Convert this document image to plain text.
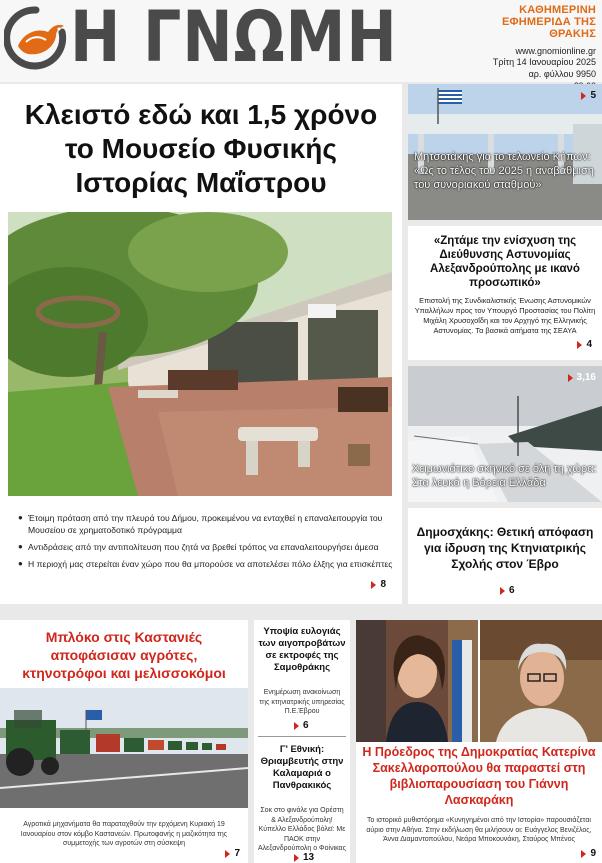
Η ΓΝΩΜΗ	ΚΑΘΗΜΕΡΙΝΗ
ΕΦΗΜΕΡΙΔΑ ΤΗΣ ΘΡΑΚΗΣ
www.gnomionline.gr
Τρίτη 14 Ιανουαρίου 2025
αρ. φύλλου 9950
Κλειστό εδώ και 1,5 χρόνο το Μουσείο Φυσικής Ιστορίας Μαΐστρου
● Έτοιμη πρόταση από την πλευρά του Δήμου, προκειμένου να ενταχθεί η επαναλειτουργία του Μουσείου σε χρηματοδοτικό πρόγραμμα
● Αντιδράσεις από την αντιπολίτευση που ζητά να βρεθεί τρόπος να επαναλειτουργήσει άμεσα
● Η περιοχή μας στερείται έναν χώρο που θα μπορούσε να αποτελέσει πόλο έλξης για επισκέπτες
8
Μητσοτάκης για το τελωνείο Κήπων: «Ως το τέλος του 2025 η αναβάθμιση του συνοριακού σταθμού»
5
«Ζητάμε την ενίσχυση της Διεύθυνσης Αστυνομίας Αλεξανδρούπολης με ικανό προσωπικό»
Επιστολή της Συνδικαλιστικής Ένωσης Αστυνομικών Υπαλλήλων προς τον Υπουργό Προστασίας του Πολίτη Μιχάλη Χρυσοχοΐδη και τον Αρχηγό της Ελληνικής Αστυνομίας. Τα βασικά αιτήματα της ΣΕΑΥΑ
4
Χειμωνιάτικο σκηνικό σε όλη τη χώρα: Στα λευκά η Βόρεια Ελλάδα
3,16
Δημοσχάκης: Θετική απόφαση για ίδρυση της Κτηνιατρικής Σχολής στον Έβρο
6
Μπλόκο στις Καστανιές αποφάσισαν αγρότες, κτηνοτρόφοι και μελισσοκόμοι
Αγροτικά μηχανήματα θα παραταχθούν την ερχόμενη Κυριακή 19 Ιανουαρίου στον κόμβο Καστανεών. Πρωτοφανής η μαζικότητα της συμμετοχής των αγροτών στη σύσκεψη
7
Υποψία ευλογιάς των αιγοπροβάτων σε εκτροφές της Σαμοθράκης
Ενημέρωση ανακοίνωση της κτηνιατρικής υπηρεσίας Π.Ε.Έβρου
6
Γ' Εθνική: Θριαμβευτής στην Καλαμαριά ο Πανθρακικός
Σοκ στο φινάλε για Ορέστη & Αλεξανδρούπολη! Κύπελλο Ελλάδος βόλεϊ: Με ΠΑΟΚ στην Αλεξανδρούπολη ο Φοίνικας
13
Η Πρόεδρος της Δημοκρατίας Κατερίνα Σακελλαροπούλου θα παραστεί στη βιβλιοπαρουσίαση του Γιάννη Λασκαράκη
Το ιστορικό μυθιστόρημα «Κυνηγημένοι από την Ιστορία» παρουσιάζεται αύριο στην Αθήνα. Στην εκδήλωση θα μιλήσουν οι: Ευάγγελος Βενιζέλος, Άννα Διαμαντοπούλου, Νεάρα Μποκουνάκη, Σταύρος Μπένος
9
